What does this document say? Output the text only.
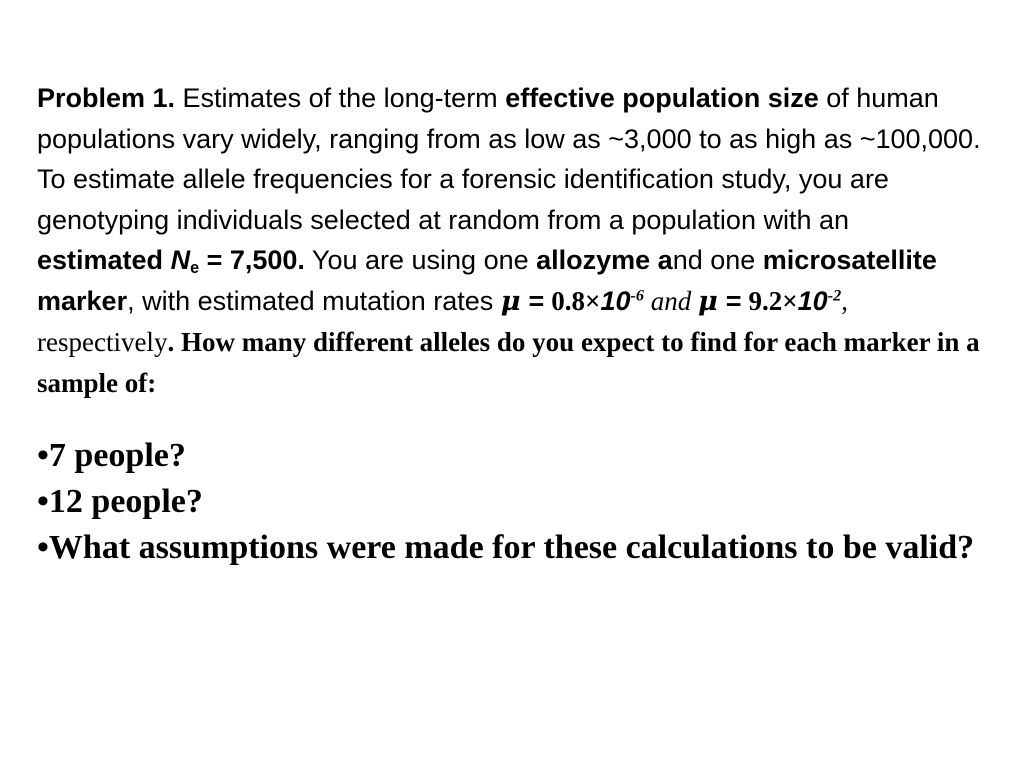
Problem 1. Estimates of the long-term effective population size of human populations vary widely, ranging from as low as ~3,000 to as high as ~100,000. To estimate allele frequencies for a forensic identification study, you are genotyping individuals selected at random from a population with an estimated $N_e = 7,500$. You are using one allozyme and one microsatellite marker, with estimated mutation rates $\mu = 0.8\times 10^{-6}$ and $\mu = 9.2\times 10^{-2}$, respectively. How many different alleles do you expect to find for each marker in a sample of:

•7 people?
•12 people?
•What assumptions were made for these calculations to be valid?
